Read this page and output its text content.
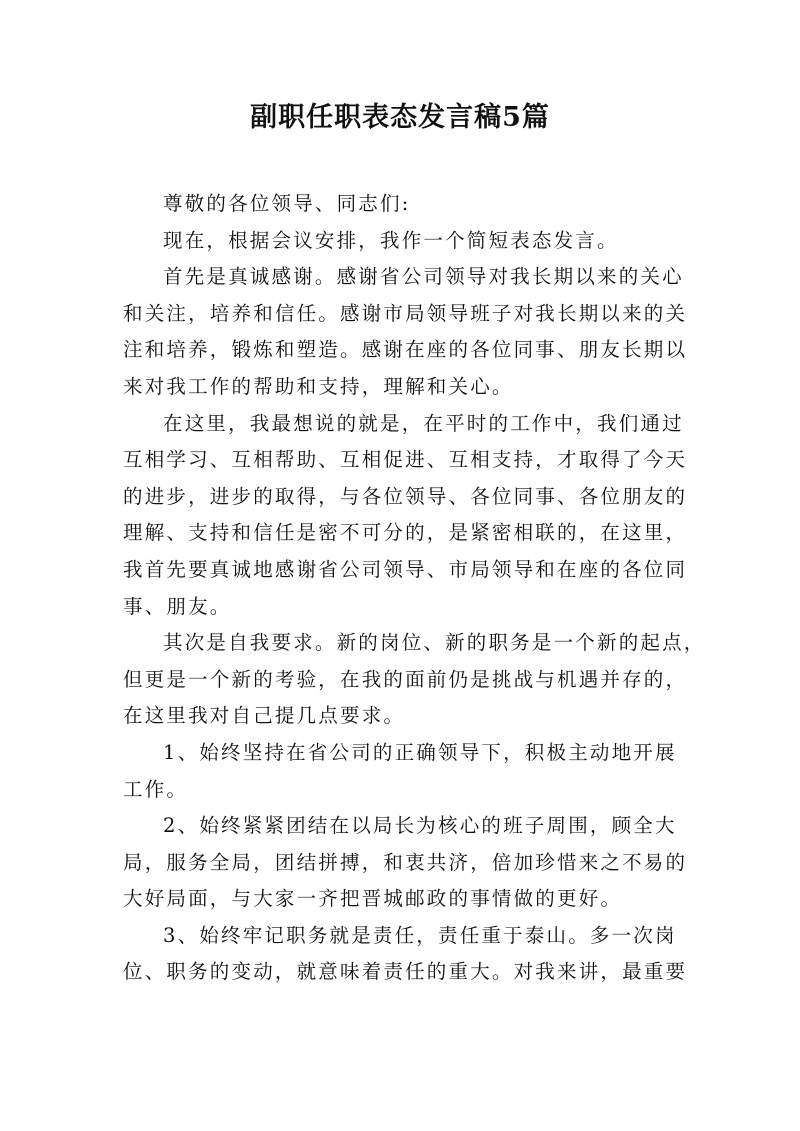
副职任职表态发言稿5篇
尊敬的各位领导、同志们:
现在，根据会议安排，我作一个简短表态发言。
首先是真诚感谢。感谢省公司领导对我长期以来的关心
和关注，培养和信任。感谢市局领导班子对我长期以来的关
注和培养，锻炼和塑造。感谢在座的各位同事、朋友长期以
来对我工作的帮助和支持，理解和关心。
在这里，我最想说的就是，在平时的工作中，我们通过
互相学习、互相帮助、互相促进、互相支持，才取得了今天
的进步，进步的取得，与各位领导、各位同事、各位朋友的
理解、支持和信任是密不可分的，是紧密相联的，在这里，
我首先要真诚地感谢省公司领导、市局领导和在座的各位同
事、朋友。
其次是自我要求。新的岗位、新的职务是一个新的起点，
但更是一个新的考验，在我的面前仍是挑战与机遇并存的，
在这里我对自己提几点要求。
1、始终坚持在省公司的正确领导下，积极主动地开展
工作。
2、始终紧紧团结在以局长为核心的班子周围，顾全大
局，服务全局，团结拼搏，和衷共济，倍加珍惜来之不易的
大好局面，与大家一齐把晋城邮政的事情做的更好。
3、始终牢记职务就是责任，责任重于泰山。多一次岗
位、职务的变动，就意味着责任的重大。对我来讲，最重要
